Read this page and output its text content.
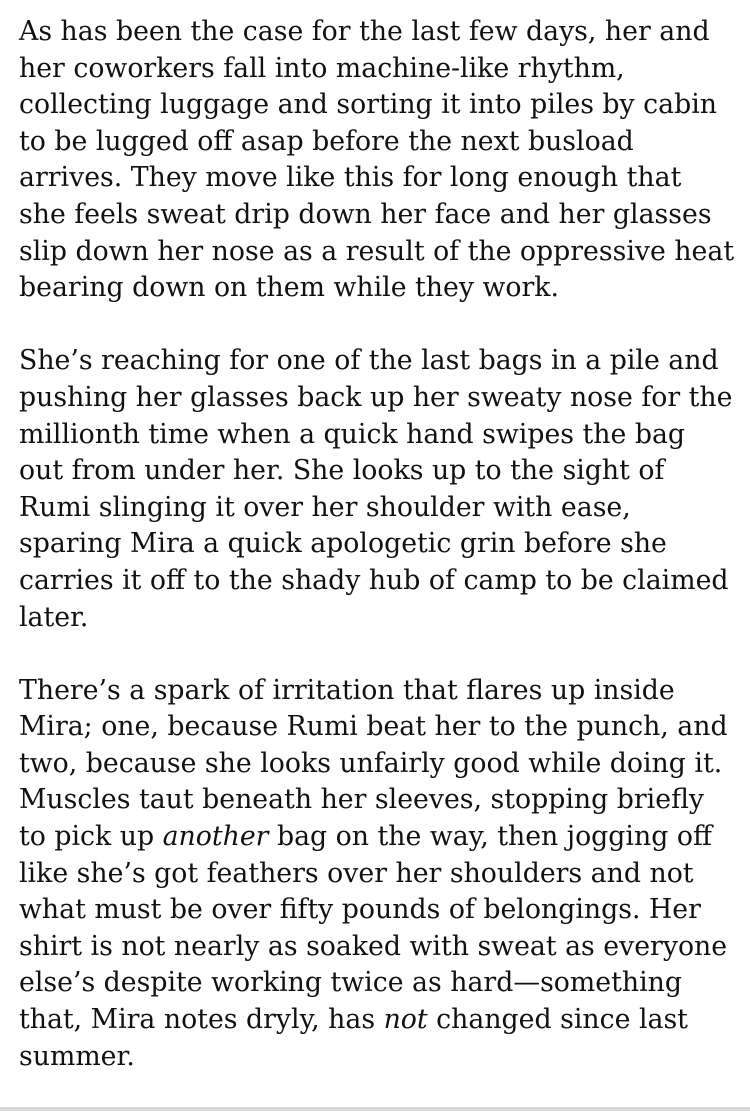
As has been the case for the last few days, her and
her coworkers fall into machine-like rhythm,
collecting luggage and sorting it into piles by cabin
to be lugged off asap before the next busload
arrives. They move like this for long enough that
she feels sweat drip down her face and her glasses
slip down her nose as a result of the oppressive heat
bearing down on them while they work.
She’s reaching for one of the last bags in a pile and
pushing her glasses back up her sweaty nose for the
millionth time when a quick hand swipes the bag
out from under her. She looks up to the sight of
Rumi slinging it over her shoulder with ease,
sparing Mira a quick apologetic grin before she
carries it off to the shady hub of camp to be claimed
later.
There’s a spark of irritation that flares up inside
Mira; one, because Rumi beat her to the punch, and
two, because she looks unfairly good while doing it.
Muscles taut beneath her sleeves, stopping briefly
to pick up another bag on the way, then jogging off
like she’s got feathers over her shoulders and not
what must be over fifty pounds of belongings. Her
shirt is not nearly as soaked with sweat as everyone
else’s despite working twice as hard—something
that, Mira notes dryly, has not changed since last
summer.
